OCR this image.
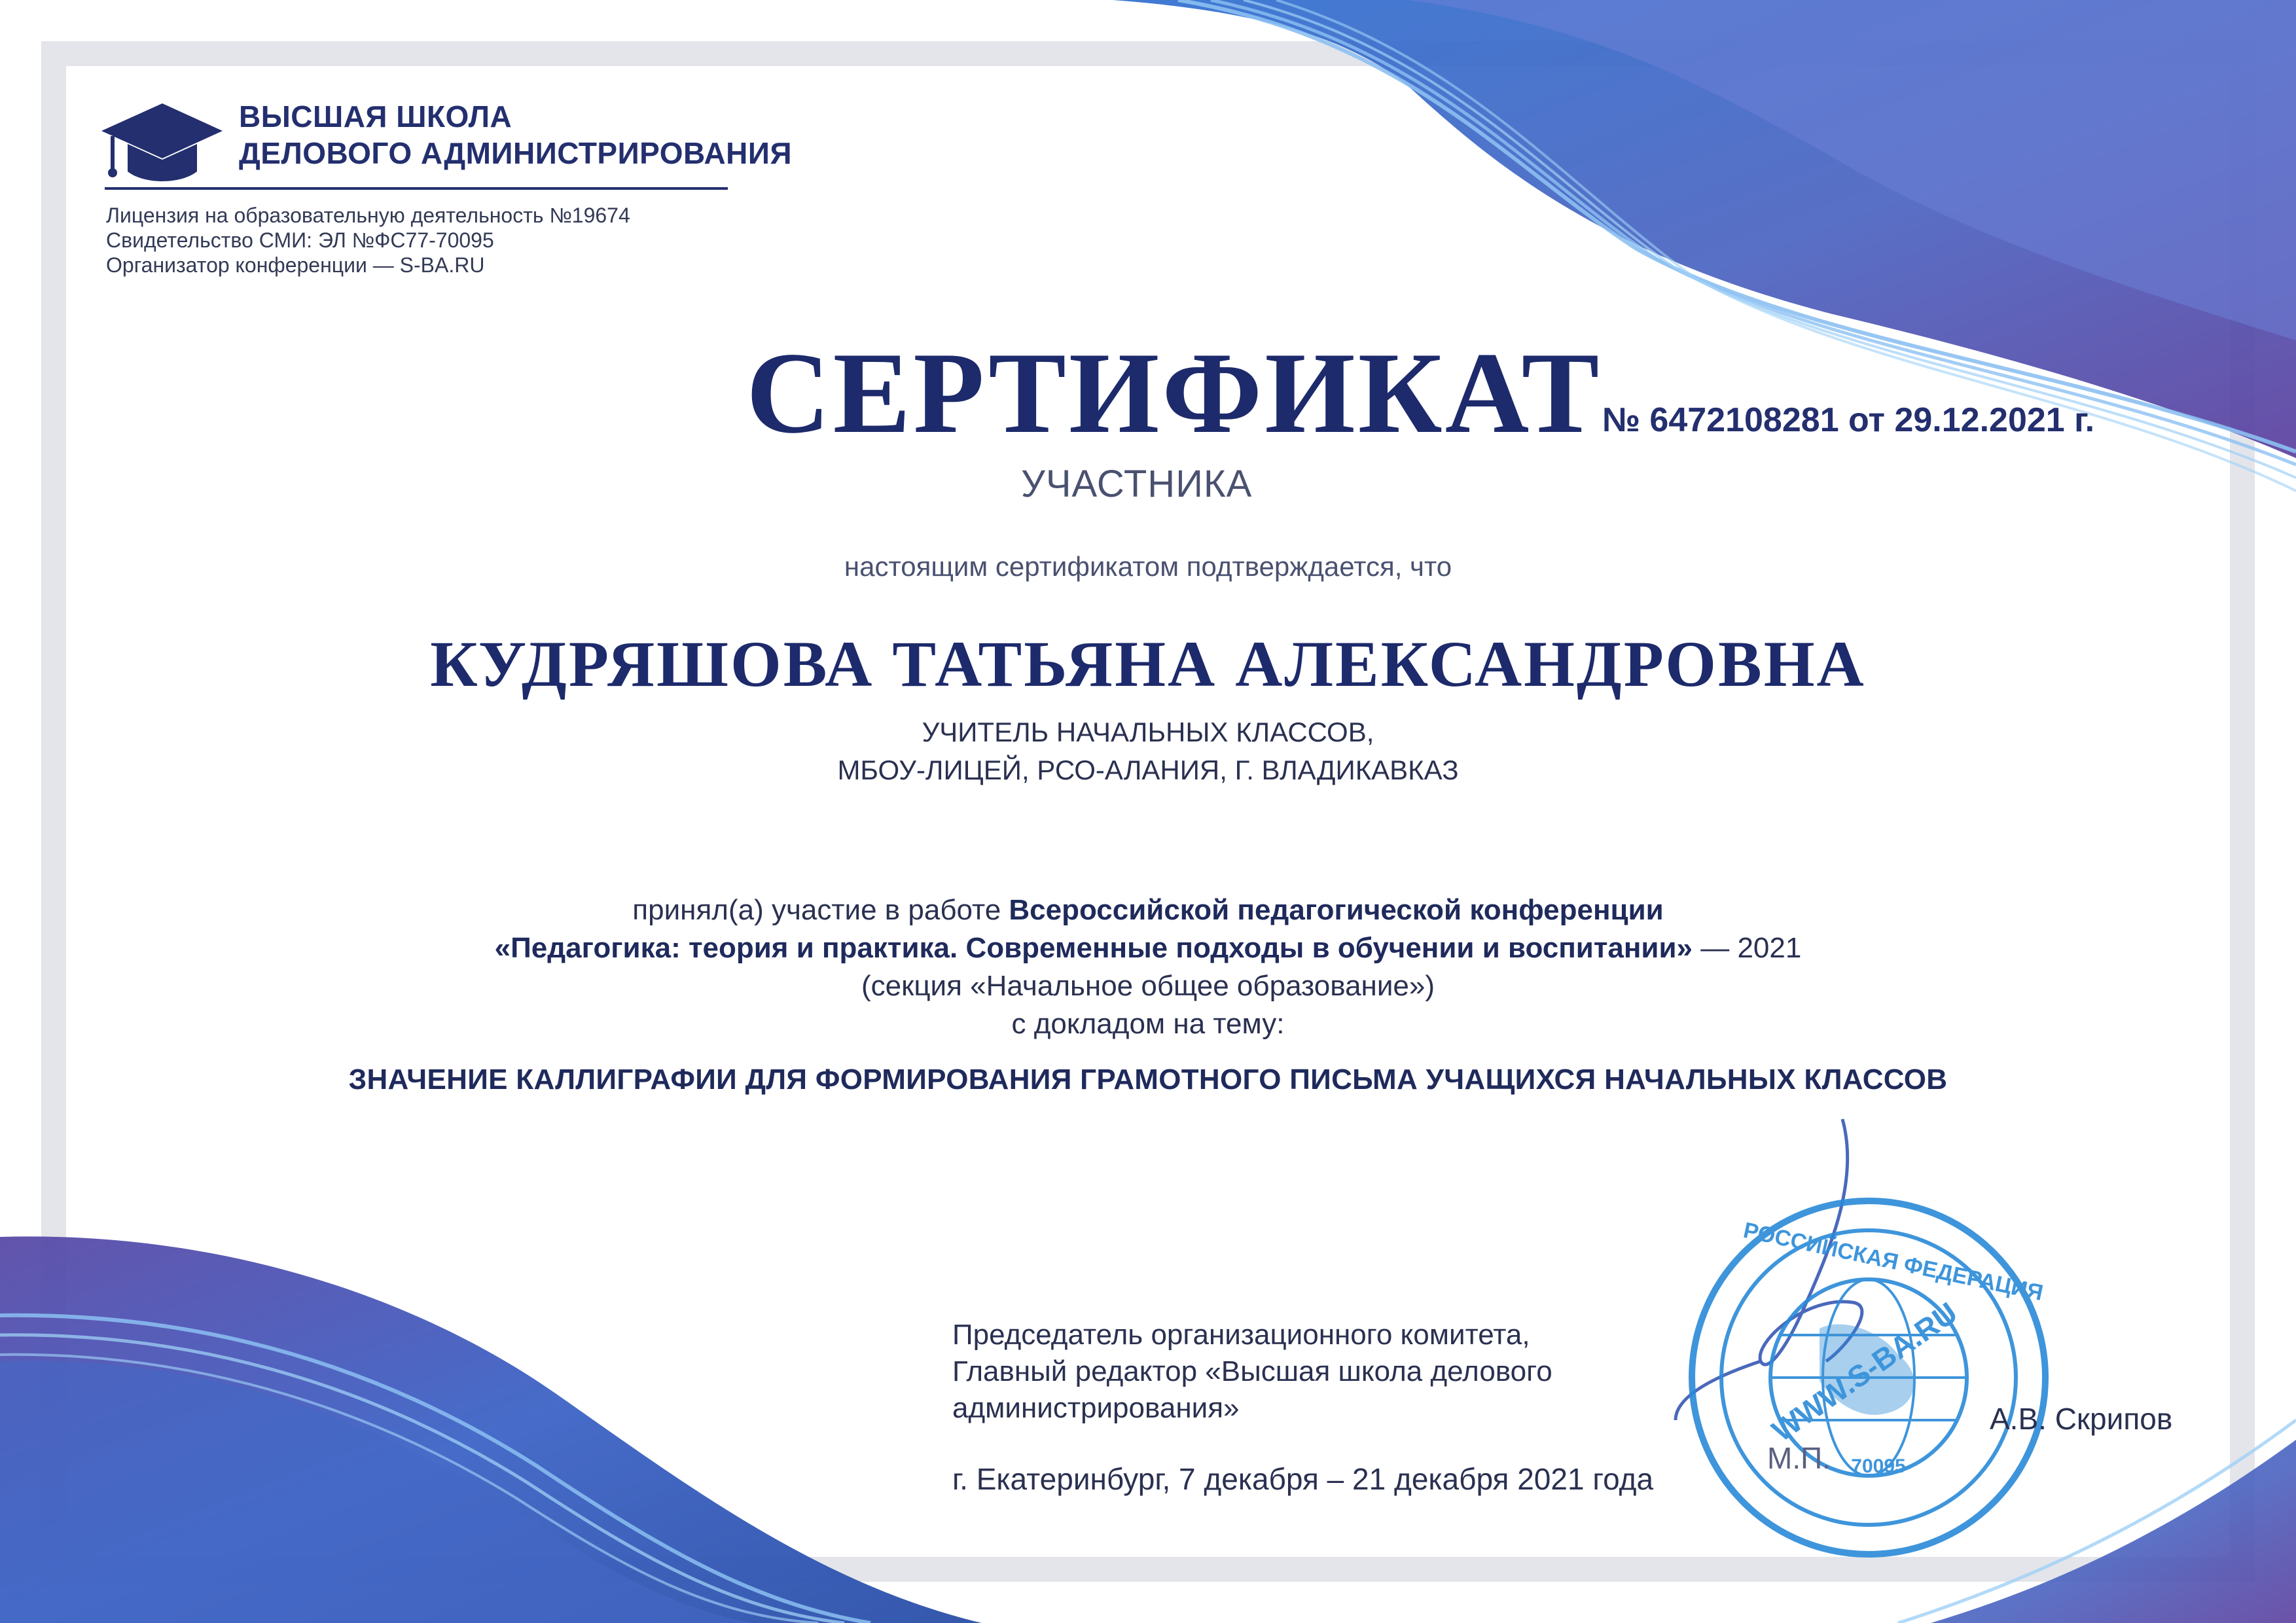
WWW.S-BA.RU
РОССИЙСКАЯ ФЕДЕРАЦИЯ
70095
ВЫСШАЯ ШКОЛА
ДЕЛОВОГО АДМИНИСТРИРОВАНИЯ
Лицензия на образовательную деятельность №19674
Свидетельство СМИ: ЭЛ №ФС77-70095
Организатор конференции — S-BA.RU
СЕРТИФИКАТ № 6472108281 от 29.12.2021 г.
УЧАСТНИКА
настоящим сертификатом подтверждается, что
КУДРЯШОВА ТАТЬЯНА АЛЕКСАНДРОВНА
УЧИТЕЛЬ НАЧАЛЬНЫХ КЛАССОВ,
МБОУ-ЛИЦЕЙ, РСО-АЛАНИЯ, Г. ВЛАДИКАВКАЗ
принял(а) участие в работе Всероссийской педагогической конференции
«Педагогика: теория и практика. Современные подходы в обучении и воспитании» — 2021
(секция «Начальное общее образование»)
с докладом на тему:
ЗНАЧЕНИЕ КАЛЛИГРАФИИ ДЛЯ ФОРМИРОВАНИЯ ГРАМОТНОГО ПИСЬМА УЧАЩИХСЯ НАЧАЛЬНЫХ КЛАССОВ
Председатель организационного комитета,
Главный редактор «Высшая школа делового
администрирования»
г. Екатеринбург, 7 декабря – 21 декабря 2021 года
М.П.
А.В. Скрипов
